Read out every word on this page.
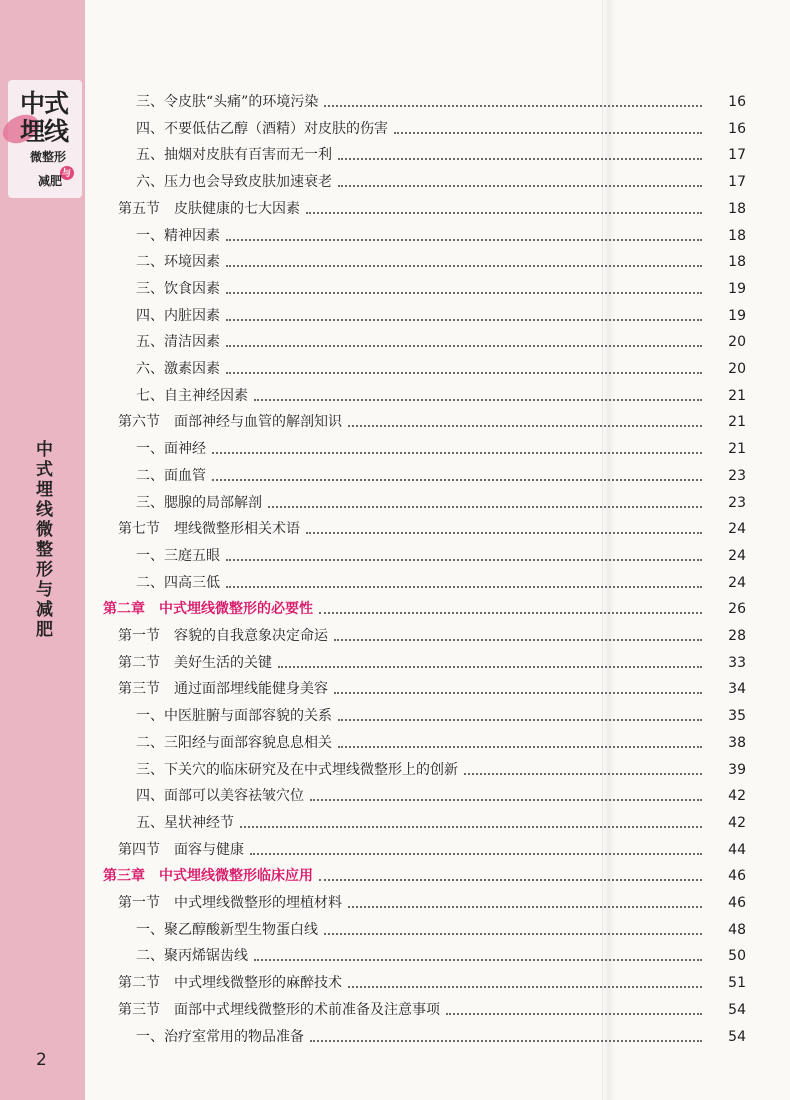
中式
埋线
微整形
减肥 与
中式埋线微整形与减肥
2
三、令皮肤“头痛”的环境污染	16
四、不要低估乙醇（酒精）对皮肤的伤害	16
五、抽烟对皮肤有百害而无一利	17
六、压力也会导致皮肤加速衰老	17
第五节　皮肤健康的七大因素	18
一、精神因素	18
二、环境因素	18
三、饮食因素	19
四、内脏因素	19
五、清洁因素	20
六、激素因素	20
七、自主神经因素	21
第六节　面部神经与血管的解剖知识	21
一、面神经	21
二、面血管	23
三、腮腺的局部解剖	23
第七节　埋线微整形相关术语	24
一、三庭五眼	24
二、四高三低	24
第二章　中式埋线微整形的必要性	26
第一节　容貌的自我意象决定命运	28
第二节　美好生活的关键	33
第三节　通过面部埋线能健身美容	34
一、中医脏腑与面部容貌的关系	35
二、三阳经与面部容貌息息相关	38
三、下关穴的临床研究及在中式埋线微整形上的创新	39
四、面部可以美容祛皱穴位	42
五、星状神经节	42
第四节　面容与健康	44
第三章　中式埋线微整形临床应用	46
第一节　中式埋线微整形的埋植材料	46
一、聚乙醇酸新型生物蛋白线	48
二、聚丙烯锯齿线	50
第二节　中式埋线微整形的麻醉技术	51
第三节　面部中式埋线微整形的术前准备及注意事项	54
一、治疗室常用的物品准备	54
